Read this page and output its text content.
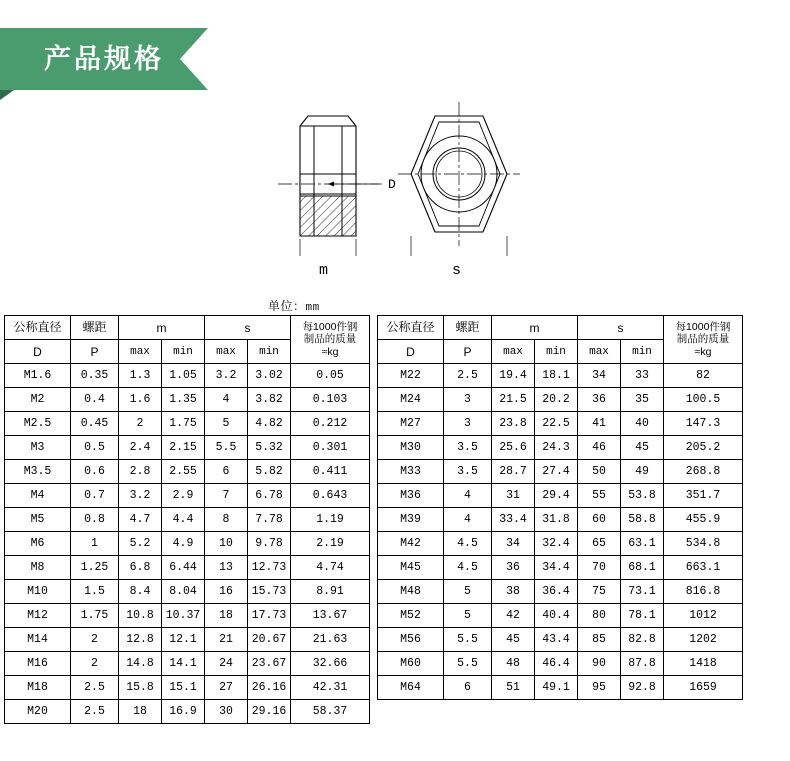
产品规格
D
m	s
单位：mm
公称直径	螺距	m		s		每1000件钢
制品的质量
≈kg

D	P	max	min	max	min	
M1.6	0.35	1.3	1.05	3.2	3.02	0.05
M2	0.4	1.6	1.35	4	3.82	0.103
M2.5	0.45	2	1.75	5	4.82	0.212
M3	0.5	2.4	2.15	5.5	5.32	0.301
M3.5	0.6	2.8	2.55	6	5.82	0.411
M4	0.7	3.2	2.9	7	6.78	0.643
M5	0.8	4.7	4.4	8	7.78	1.19
M6	1	5.2	4.9	10	9.78	2.19
M8	1.25	6.8	6.44	13	12.73	4.74
M10	1.5	8.4	8.04	16	15.73	8.91
M12	1.75	10.8	10.37	18	17.73	13.67
M14	2	12.8	12.1	21	20.67	21.63
M16	2	14.8	14.1	24	23.67	32.66
M18	2.5	15.8	15.1	27	26.16	42.31
M20	2.5	18	16.9	30	29.16	58.37
公称直径	螺距	m		s		每1000件钢
制品的质量
≈kg

D	P	max	min	max	min	
M22	2.5	19.4	18.1	34	33	82
M24	3	21.5	20.2	36	35	100.5
M27	3	23.8	22.5	41	40	147.3
M30	3.5	25.6	24.3	46	45	205.2
M33	3.5	28.7	27.4	50	49	268.8
M36	4	31	29.4	55	53.8	351.7
M39	4	33.4	31.8	60	58.8	455.9
M42	4.5	34	32.4	65	63.1	534.8
M45	4.5	36	34.4	70	68.1	663.1
M48	5	38	36.4	75	73.1	816.8
M52	5	42	40.4	80	78.1	1012
M56	5.5	45	43.4	85	82.8	1202
M60	5.5	48	46.4	90	87.8	1418
M64	6	51	49.1	95	92.8	1659
